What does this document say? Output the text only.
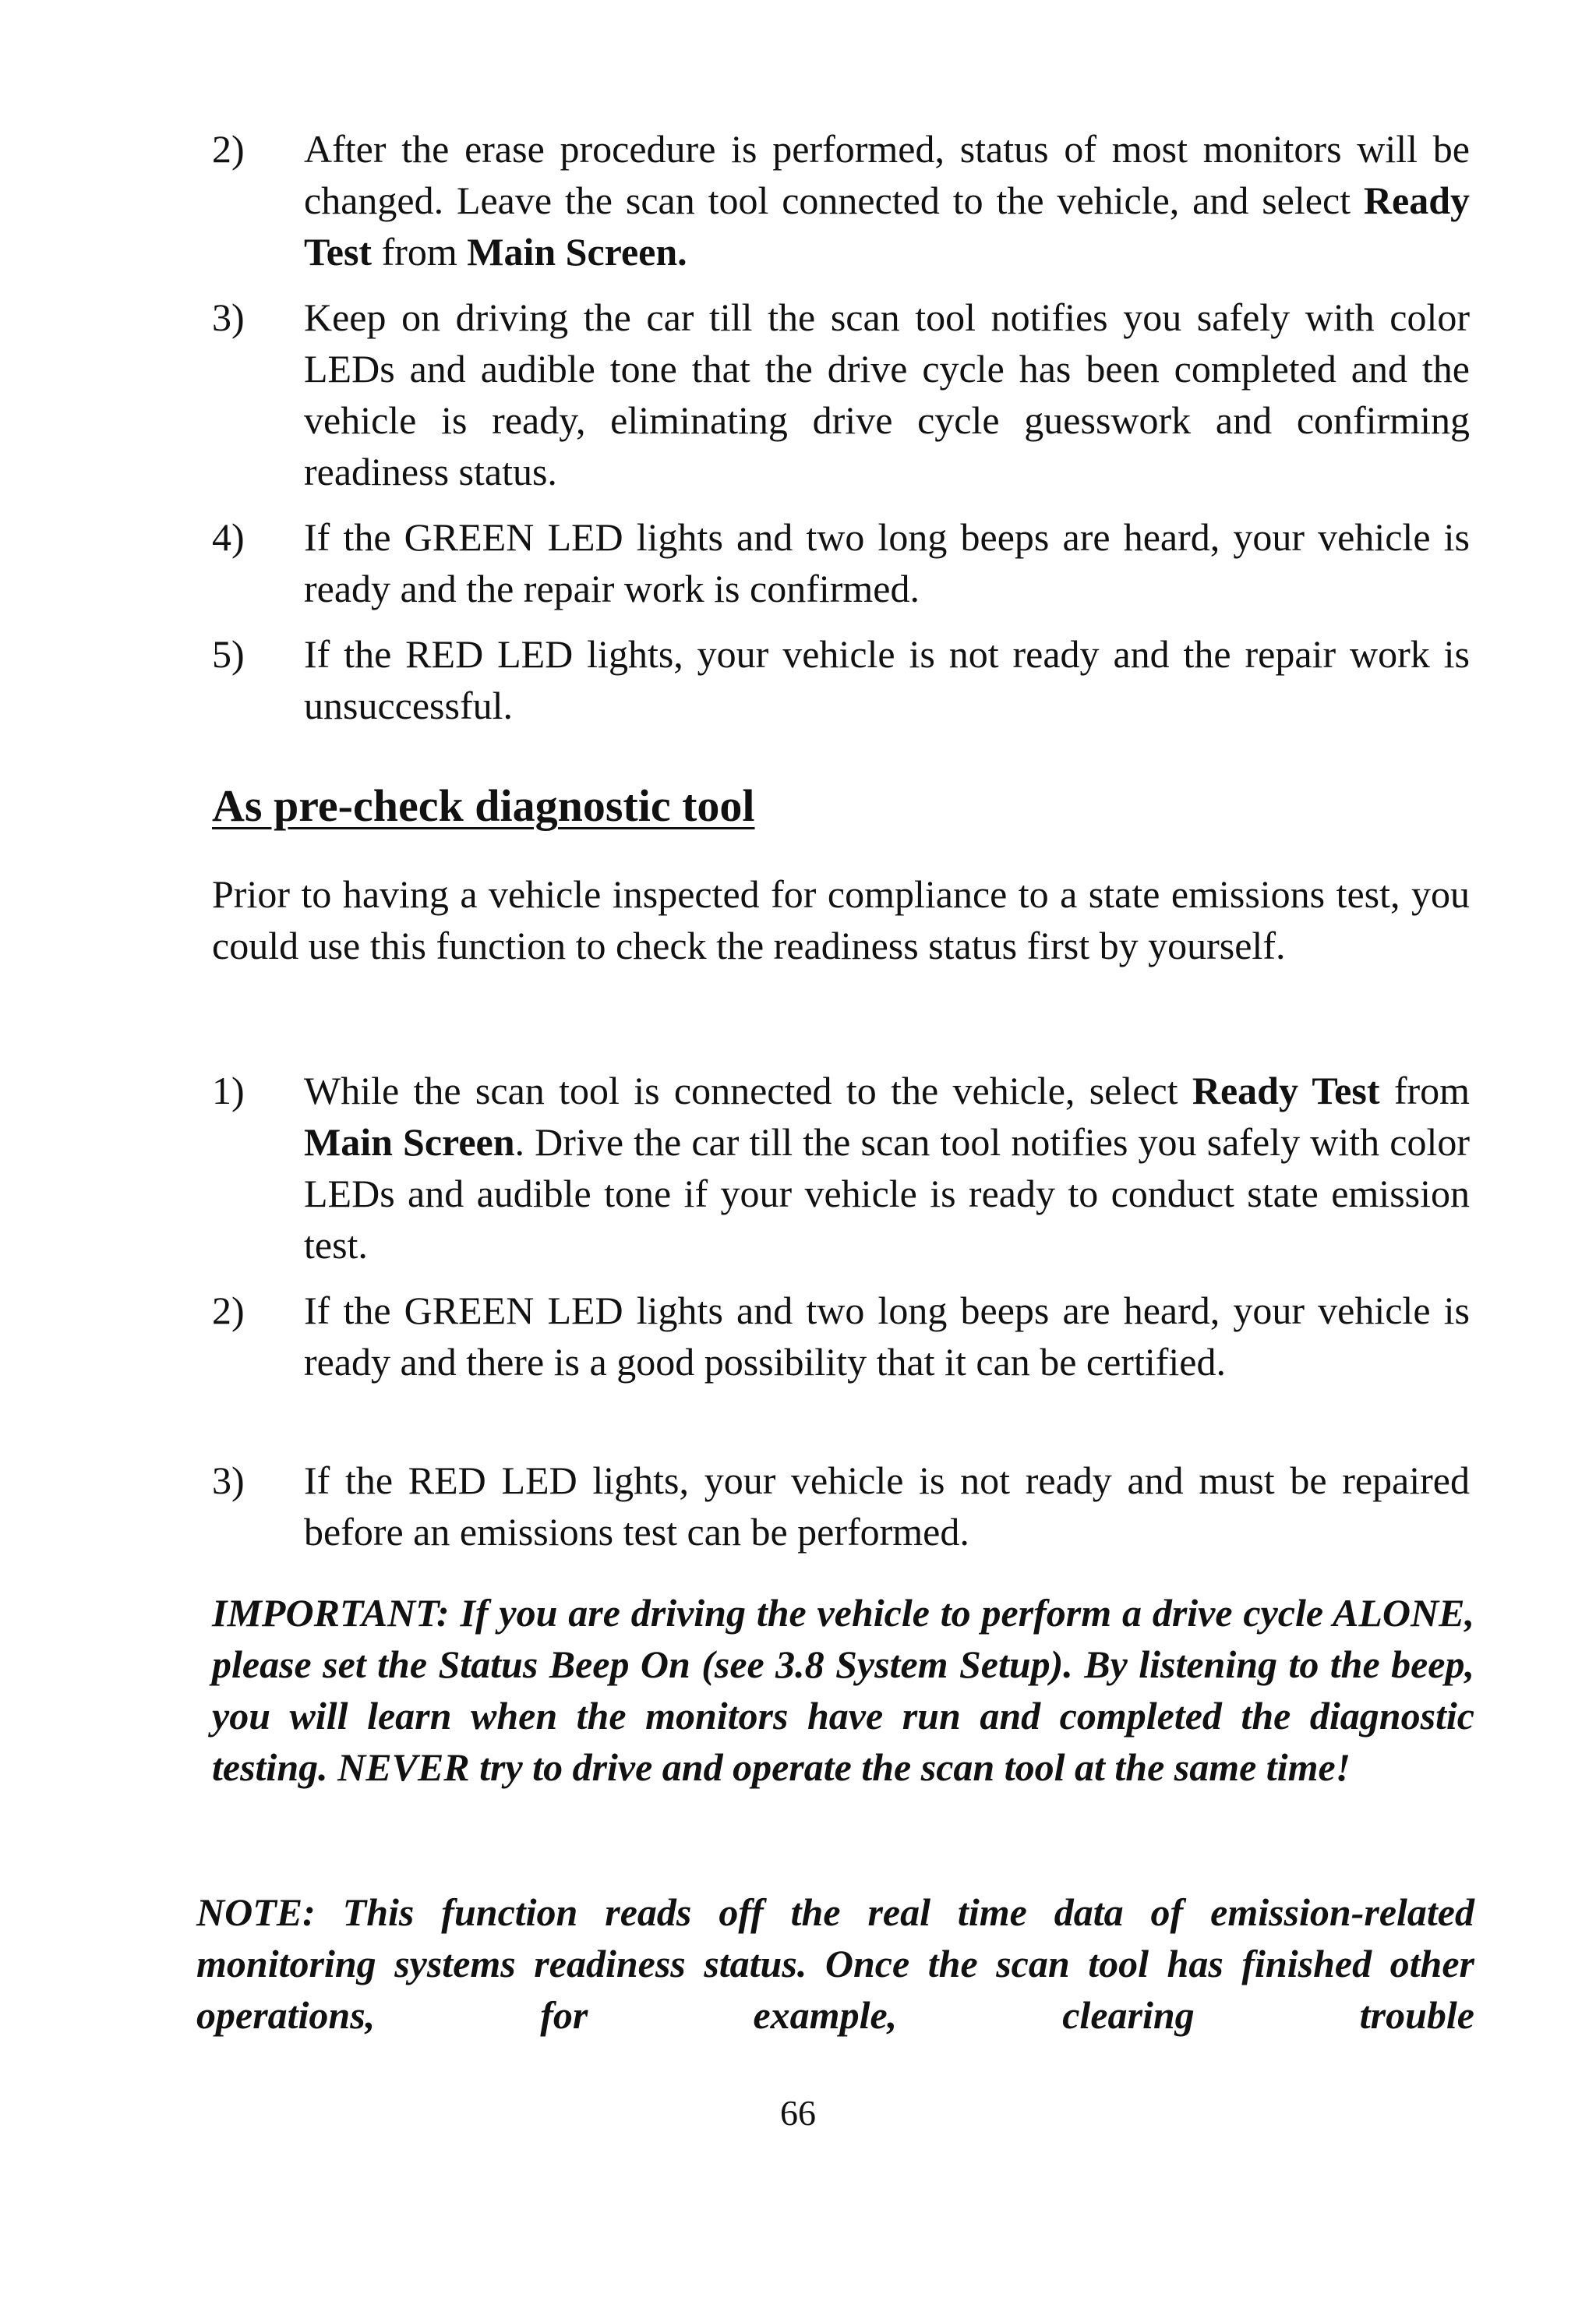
2)	After the erase procedure is performed, status of most monitors will be changed. Leave the scan tool connected to the vehicle, and select Ready Test from Main Screen.
3)	Keep on driving the car till the scan tool notifies you safely with color LEDs and audible tone that the drive cycle has been completed and the vehicle is ready, eliminating drive cycle guesswork and confirming readiness status.
4)	If the GREEN LED lights and two long beeps are heard, your vehicle is ready and the repair work is confirmed.
5)	If the RED LED lights, your vehicle is not ready and the repair work is unsuccessful.
As pre-check diagnostic tool
Prior to having a vehicle inspected for compliance to a state emissions test, you could use this function to check the readiness status first by yourself.
1)	While the scan tool is connected to the vehicle, select Ready Test from Main Screen. Drive the car till the scan tool notifies you safely with color LEDs and audible tone if your vehicle is ready to conduct state emission test.
2)	If the GREEN LED lights and two long beeps are heard, your vehicle is ready and there is a good possibility that it can be certified.
3)	If the RED LED lights, your vehicle is not ready and must be repaired before an emissions test can be performed.
IMPORTANT: If you are driving the vehicle to perform a drive cycle ALONE, please set the Status Beep On (see 3.8 System Setup). By listening to the beep, you will learn when the monitors have run and completed the diagnostic testing. NEVER try to drive and operate the scan tool at the same time!
NOTE: This function reads off the real time data of emission-related monitoring systems readiness status. Once the scan tool has finished other operations, for example, clearing trouble
66
